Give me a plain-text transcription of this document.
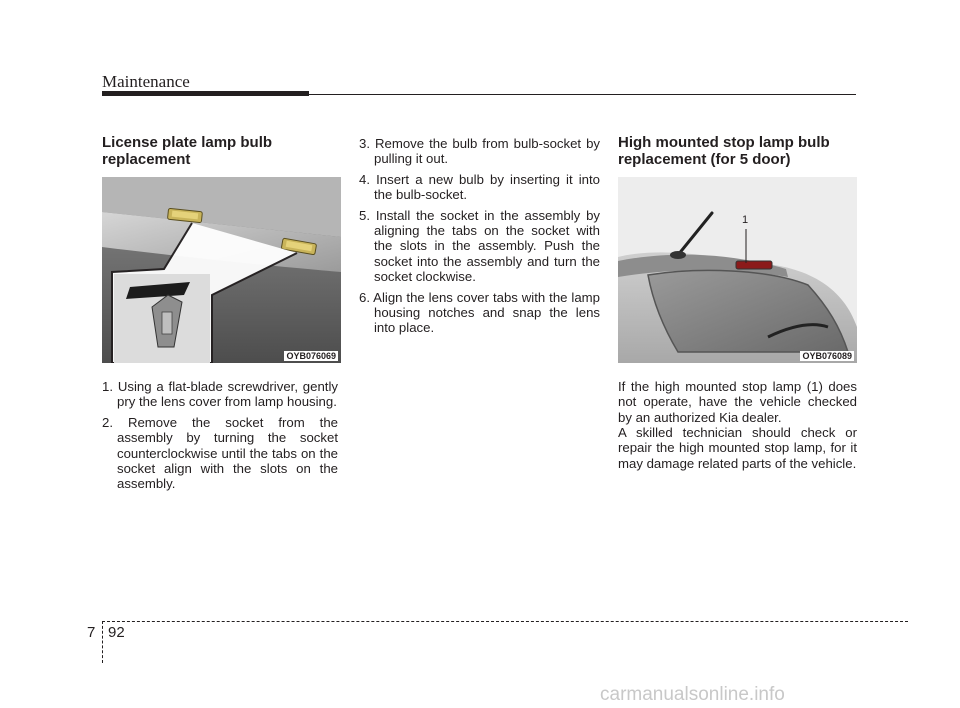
Maintenance
License plate lamp bulb replacement
OYB076069
1. Using a flat-blade screwdriver, gently pry the lens cover from lamp housing.
2. Remove the socket from the assembly by turning the socket counterclockwise until the tabs on the socket align with the slots on the assembly.
3. Remove the bulb from bulb-socket by pulling it out.
4. Insert a new bulb by inserting it into the bulb-socket.
5. Install the socket in the assembly by aligning the tabs on the socket with the slots in the assembly. Push the socket into the assembly and turn the socket clockwise.
6. Align the lens cover tabs with the lamp housing notches and snap the lens into place.
High mounted stop lamp bulb replacement (for 5 door)
1
OYB076089

If the high mounted stop lamp (1) does not operate, have the vehicle checked by an authorized Kia dealer.

A skilled technician should check or repair the high mounted stop lamp, for it may damage related parts of the vehicle.

7 92
carmanualsonline.info
